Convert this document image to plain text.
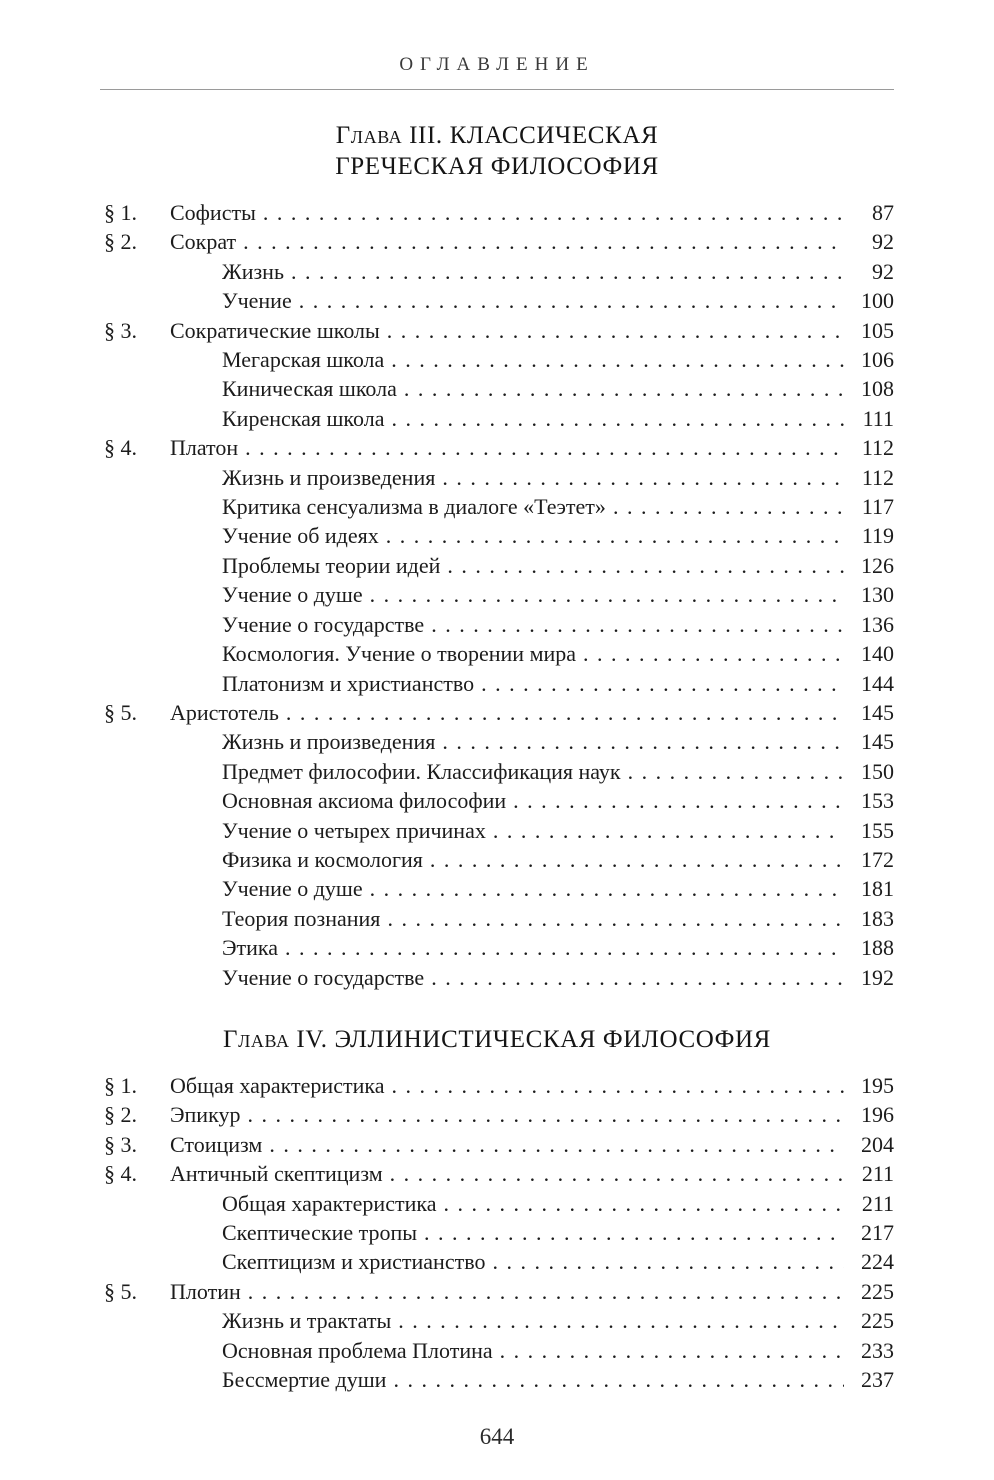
ОГЛАВЛЕНИЕ
Глава III. КЛАССИЧЕСКАЯ
ГРЕЧЕСКАЯ ФИЛОСОФИЯ
§ 1.	Софисты . . .	87
§ 2.	Сократ . . .	92
Жизнь . . .	92
Учение . . .	100
§ 3.	Сократические школы . . .	105
Мегарская школа . . .	106
Киническая школа . . .	108
Киренская школа . . .	111
§ 4.	Платон . . .	112
Жизнь и произведения . . .	112
Критика сенсуализма в диалоге «Теэтет» . . .	117
Учение об идеях . . .	119
Проблемы теории идей . . .	126
Учение о душе . . .	130
Учение о государстве . . .	136
Космология. Учение о творении мира . . .	140
Платонизм и христианство . . .	144
§ 5.	Аристотель . . .	145
Жизнь и произведения . . .	145
Предмет философии. Классификация наук . . .	150
Основная аксиома философии . . .	153
Учение о четырех причинах . . .	155
Физика и космология . . .	172
Учение о душе . . .	181
Теория познания . . .	183
Этика . . .	188
Учение о государстве . . .	192
Глава IV. ЭЛЛИНИСТИЧЕСКАЯ ФИЛОСОФИЯ
§ 1.	Общая характеристика . . .	195
§ 2.	Эпикур . . .	196
§ 3.	Стоицизм . . .	204
§ 4.	Античный скептицизм . . .	211
Общая характеристика . . .	211
Скептические тропы . . .	217
Скептицизм и христианство . . .	224
§ 5.	Плотин . . .	225
Жизнь и трактаты . . .	225
Основная проблема Плотина . . .	233
Бессмертие души . . .	237
644
